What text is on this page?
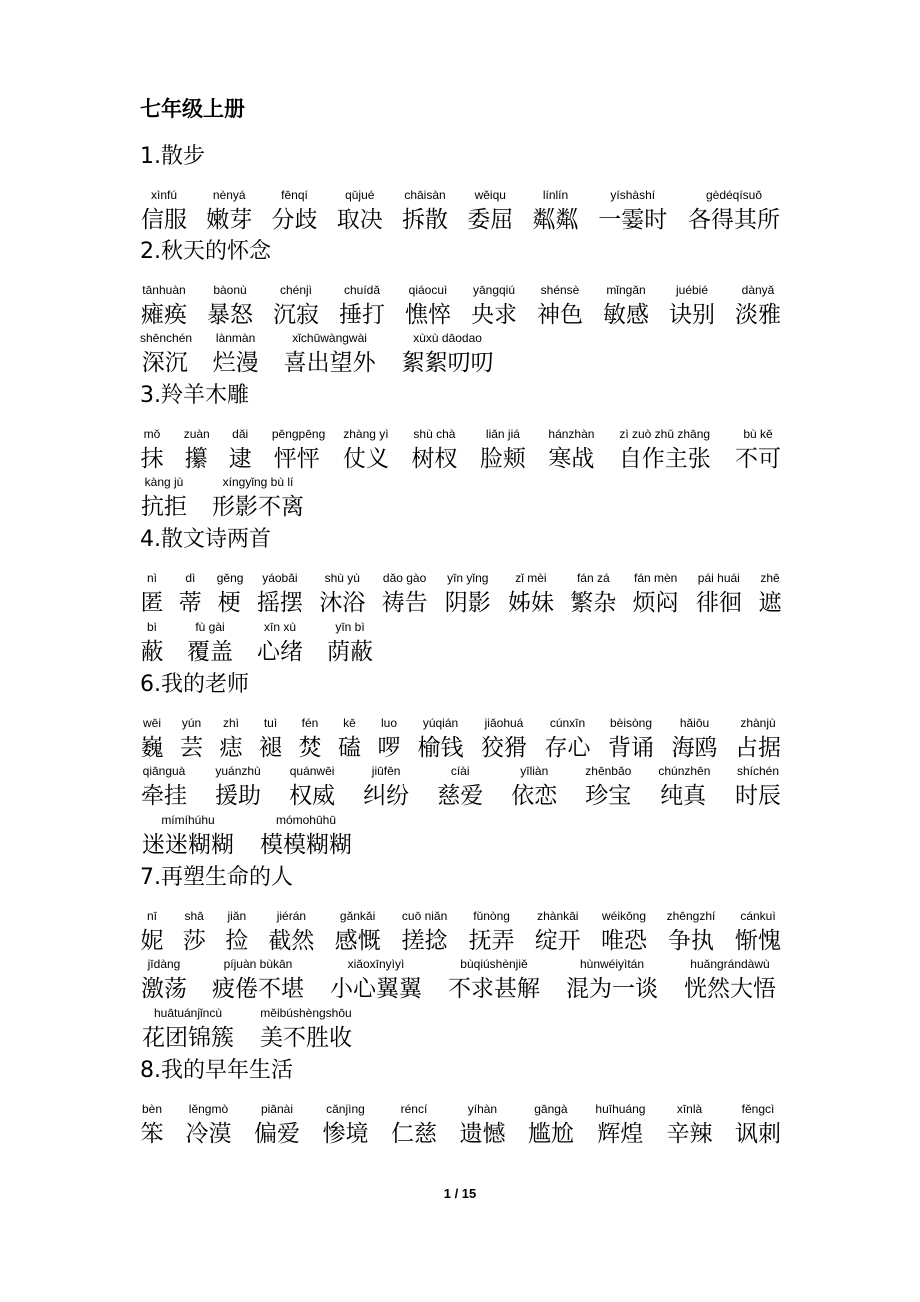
七年级上册
1.散步
xìnfú
信服
nènyá
嫩芽
fēnqí
分歧
qǔjué
取决
chāisàn
拆散
wěiqu
委屈
línlín
粼粼
yíshàshí
一霎时
gèdéqísuǒ
各得其所
2.秋天的怀念
tānhuàn
瘫痪
bàonù
暴怒
chénjì
沉寂
chuídǎ
捶打
qiáocuì
憔悴
yāngqiú
央求
shénsè
神色
mǐngǎn
敏感
juébié
诀别
dànyǎ
淡雅
shēnchén
深沉
lànmàn
烂漫
xǐchūwàngwài
喜出望外
xùxù dāodao
絮絮叨叨
3.羚羊木雕
mǒ
抹
zuàn
攥
dǎi
逮
pēngpēng
怦怦
zhàng yì
仗义
shù chà
树杈
liǎn jiá
脸颊
hánzhàn
寒战
zì zuò zhǔ zhāng
自作主张
bù kě
不可
kàng jù
抗拒
xíngyǐng bù lí
形影不离
4.散文诗两首
nì
匿
dì
蒂
gěng
梗
yáobǎi
摇摆
shù yù
沐浴
dǎo gào
祷告
yīn yǐng
阴影
zǐ mèi
姊妹
fán zá
繁杂
fán mèn
烦闷
pái huái
徘徊
zhē
遮
bì
蔽
fù gài
覆盖
xīn xù
心绪
yīn bì
荫蔽
6.我的老师
wēi
巍
yún
芸
zhì
痣
tuì
褪
fén
焚
kē
磕
luo
啰
yúqián
榆钱
jiǎohuá
狡猾
cúnxīn
存心
bèisòng
背诵
hǎiōu
海鸥
zhànjù
占据
qiānguà
牵挂
yuánzhù
援助
quánwēi
权威
jiūfēn
纠纷
cíài
慈爱
yīliàn
依恋
zhēnbǎo
珍宝
chúnzhēn
纯真
shíchén
时辰
mímíhúhu
迷迷糊糊
mómohūhū
模模糊糊
7.再塑生命的人
nī
妮
shā
莎
jiǎn
捡
jiérán
截然
gǎnkǎi
感慨
cuō niǎn
搓捻
fǔnòng
抚弄
zhànkāi
绽开
wéikǒng
唯恐
zhēngzhí
争执
cánkuì
惭愧
jīdàng
激荡
píjuàn bùkān
疲倦不堪
xiǎoxīnyìyì
小心翼翼
bùqiúshènjiě
不求甚解
hùnwéiyìtán
混为一谈
huǎngrándàwù
恍然大悟
huātuánjǐncù
花团锦簇
měibúshèngshōu
美不胜收
8.我的早年生活
bèn
笨
lěngmò
冷漠
piānài
偏爱
cǎnjìng
惨境
réncí
仁慈
yíhàn
遗憾
gāngà
尴尬
huīhuáng
辉煌
xīnlà
辛辣
fěngcì
讽刺
1 / 15
